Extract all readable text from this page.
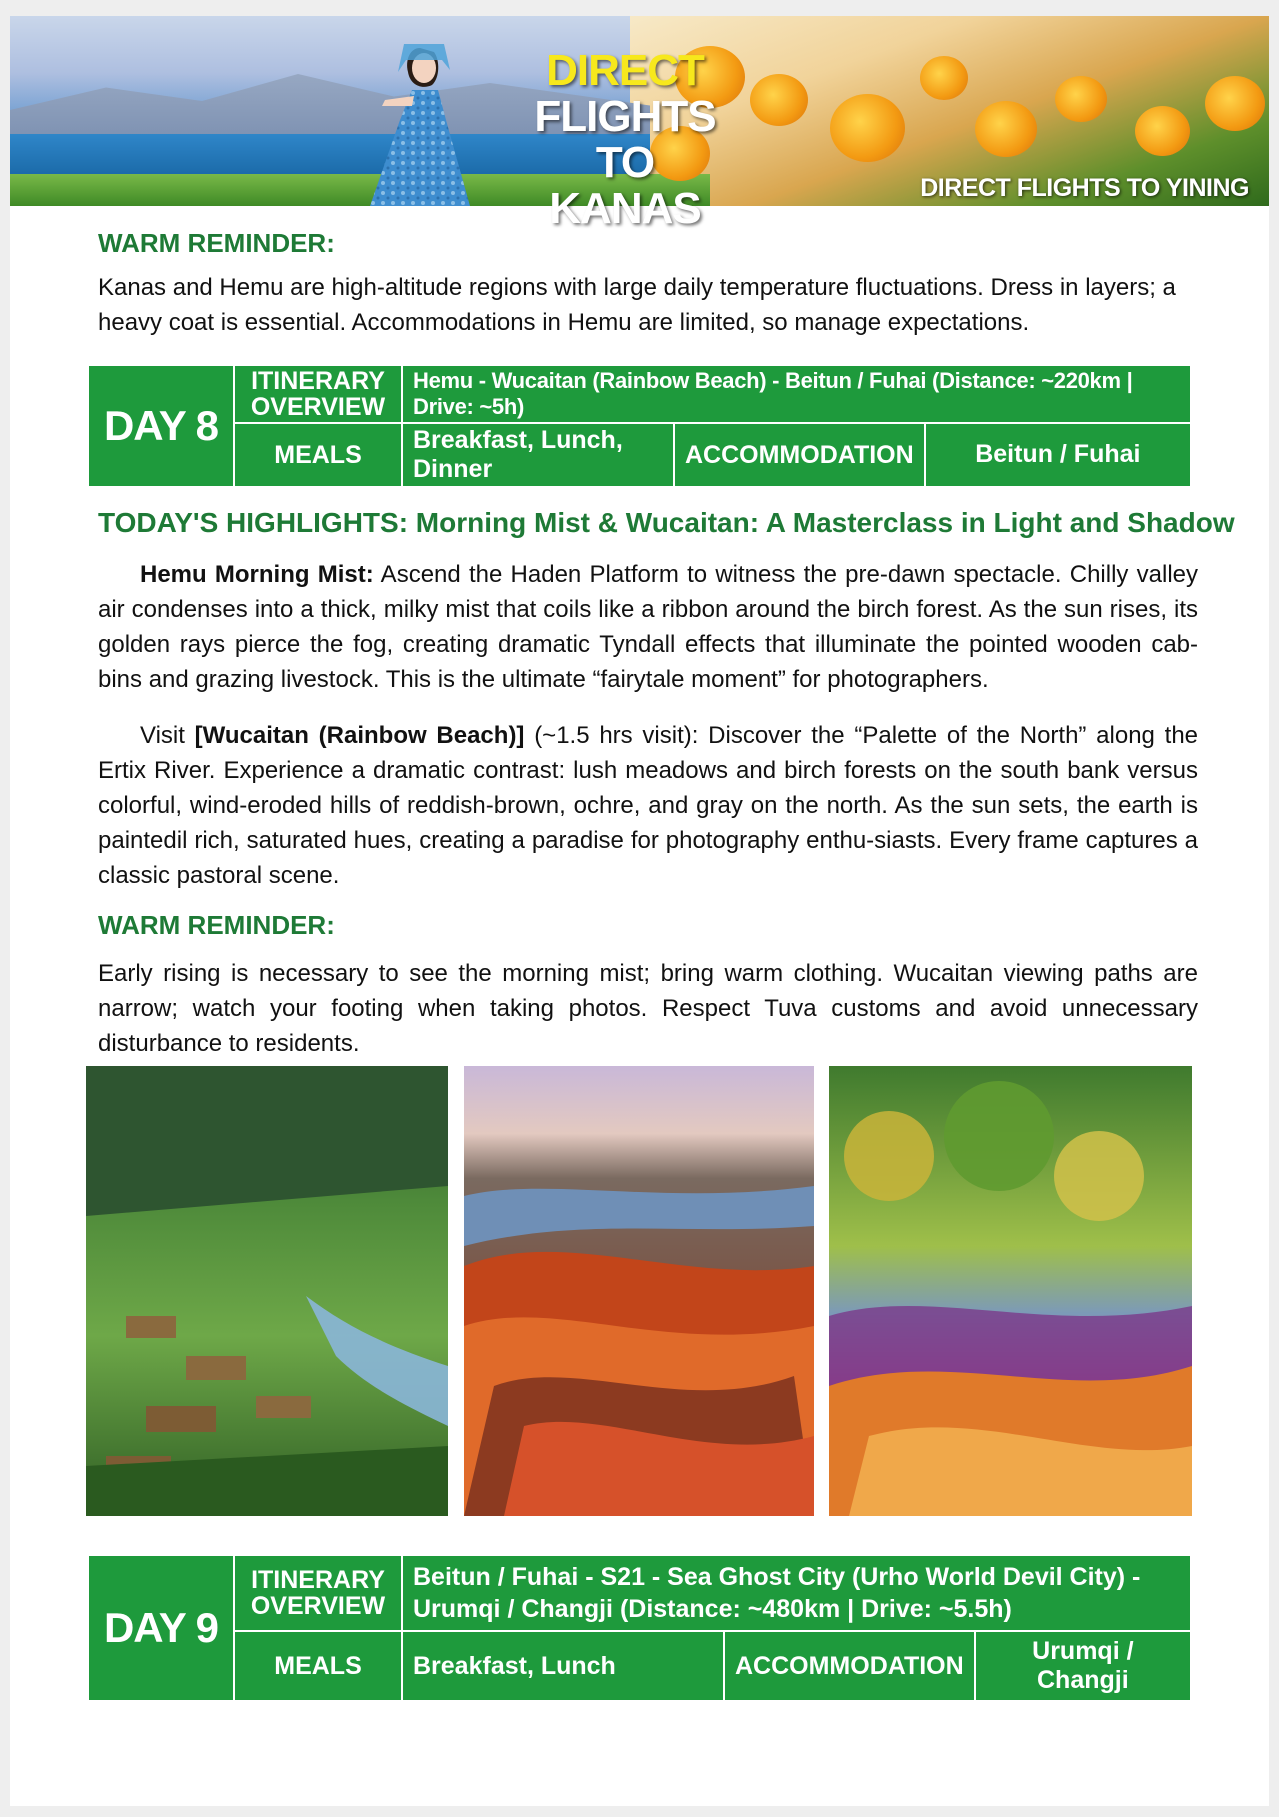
DIRECT
FLIGHTS
TO KANAS	DIRECT FLIGHTS TO YINING
WARM REMINDER:
Kanas and Hemu are high-altitude regions with large daily temperature fluctuations. Dress in layers; a heavy coat is essential. Accommodations in Hemu are limited, so manage expectations.
DAY 8	ITINERARY OVERVIEW	Hemu - Wucaitan (Rainbow Beach) - Beitun / Fuhai (Distance: ~220km | Drive: ~5h)		
	MEALS	Breakfast, Lunch, Dinner	ACCOMMODATION	Beitun / Fuhai
TODAY'S HIGHLIGHTS: Morning Mist & Wucaitan: A Masterclass in Light and Shadow
Hemu Morning Mist: Ascend the Haden Platform to witness the pre-dawn spectacle. Chilly valley air condenses into a thick, milky mist that coils like a ribbon around the birch forest. As the sun rises, its golden rays pierce the fog, creating dramatic Tyndall effects that illuminate the pointed wooden cab-bins and grazing livestock. This is the ultimate “fairytale moment” for photographers.
Visit [Wucaitan (Rainbow Beach)] (~1.5 hrs visit): Discover the “Palette of the North” along the Ertix River. Experience a dramatic contrast: lush meadows and birch forests on the south bank versus colorful, wind-eroded hills of reddish-brown, ochre, and gray on the north. As the sun sets, the earth is paintedil rich, saturated hues, creating a paradise for photography enthu-siasts. Every frame captures a classic pastoral scene.
WARM REMINDER:
Early rising is necessary to see the morning mist; bring warm clothing. Wucaitan viewing paths are narrow; watch your footing when taking photos. Respect Tuva customs and avoid unnecessary disturbance to residents.
DAY 9	ITINERARY OVERVIEW	Beitun / Fuhai - S21 - Sea Ghost City (Urho World Devil City) - Urumqi / Changji (Distance: ~480km | Drive: ~5.5h)		
	MEALS	Breakfast, Lunch	ACCOMMODATION	Urumqi / Changji
